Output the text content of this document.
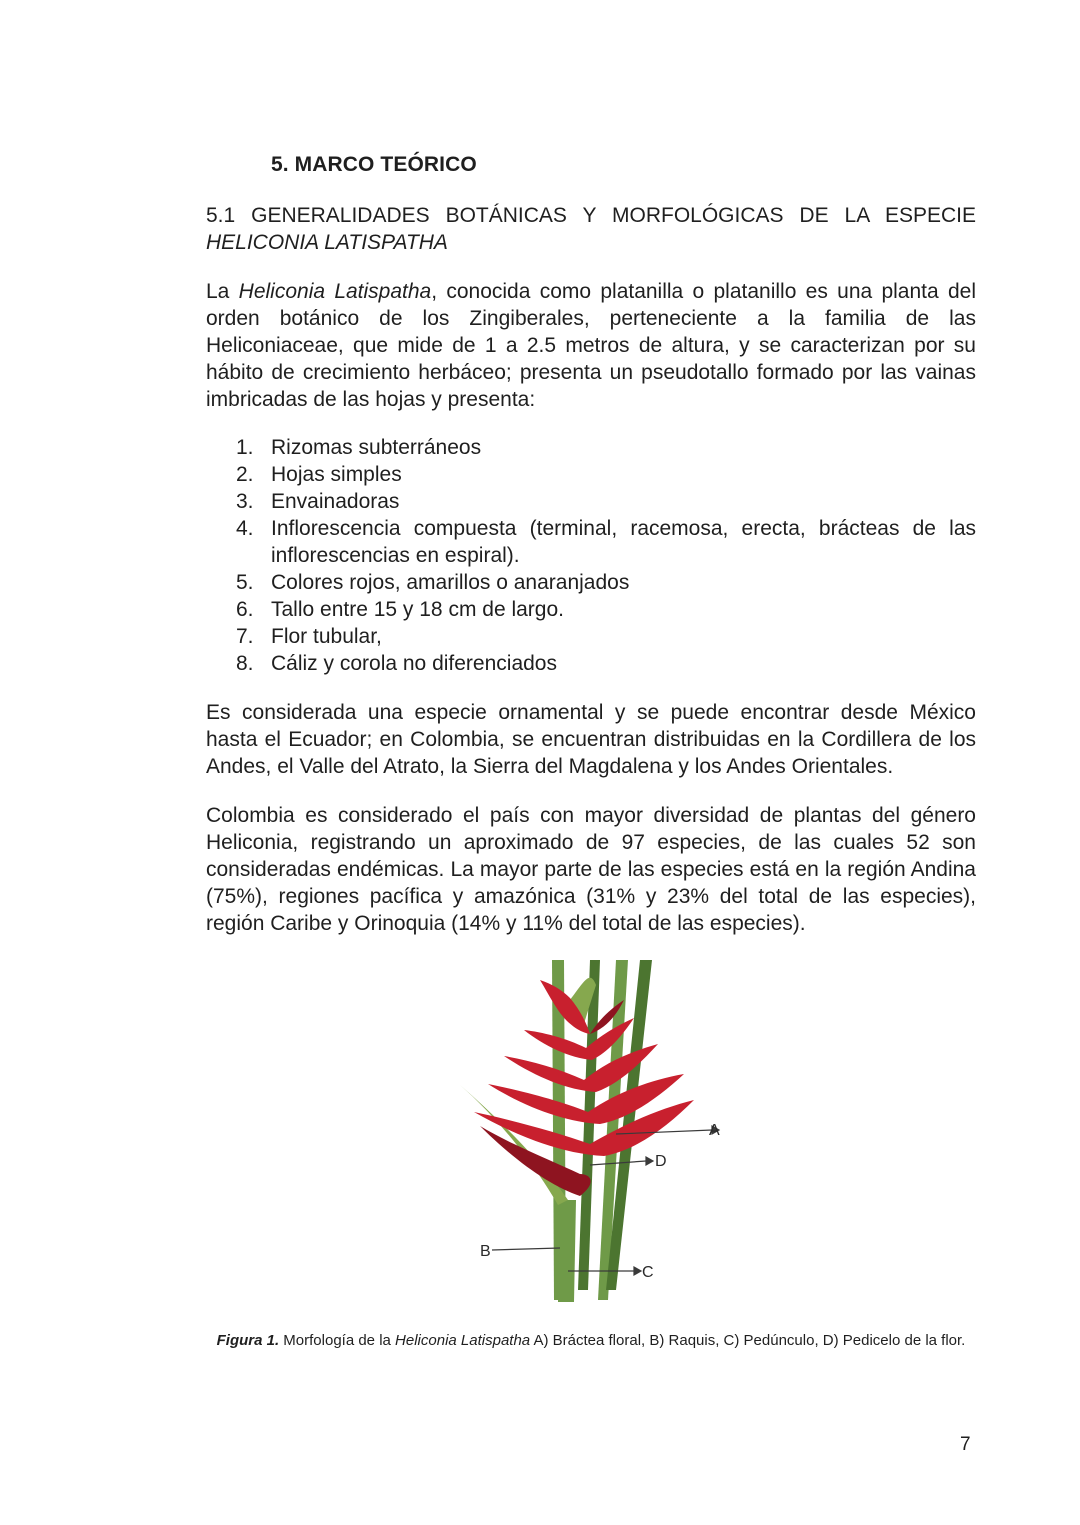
5. MARCO TEÓRICO
5.1 GENERALIDADES BOTÁNICAS Y MORFOLÓGICAS DE LA ESPECIE
HELICONIA LATISPATHA

La Heliconia Latispatha, conocida como platanilla o platanillo es una planta del orden botánico de los Zingiberales, perteneciente a la familia de las Heliconiaceae, que mide de 1 a 2.5 metros de altura, y se caracterizan por su hábito de crecimiento herbáceo; presenta un pseudotallo formado por las vainas imbricadas de las hojas y presenta:

1. Rizomas subterráneos
2. Hojas simples
3. Envainadoras
4. Inflorescencia compuesta (terminal, racemosa, erecta, brácteas de las inflorescencias en espiral).
5. Colores rojos, amarillos o anaranjados
6. Tallo entre 15 y 18 cm de largo.
7. Flor tubular,
8. Cáliz y corola no diferenciados

Es considerada una especie ornamental y se puede encontrar desde México hasta el Ecuador; en Colombia, se encuentran distribuidas en la Cordillera de los Andes, el Valle del Atrato, la Sierra del Magdalena y los Andes Orientales.

Colombia es considerado el país con mayor diversidad de plantas del género Heliconia, registrando un aproximado de 97 especies, de las cuales 52 son consideradas endémicas. La mayor parte de las especies está en la región Andina (75%), regiones pacífica y amazónica (31% y 23% del total de las especies), región Caribe y Orinoquia (14% y 11% del total de las especies).

A
D
B
C

Figura 1. Morfología de la Heliconia Latispatha A) Bráctea floral, B) Raquis, C) Pedúnculo, D) Pedicelo de la flor.

7
